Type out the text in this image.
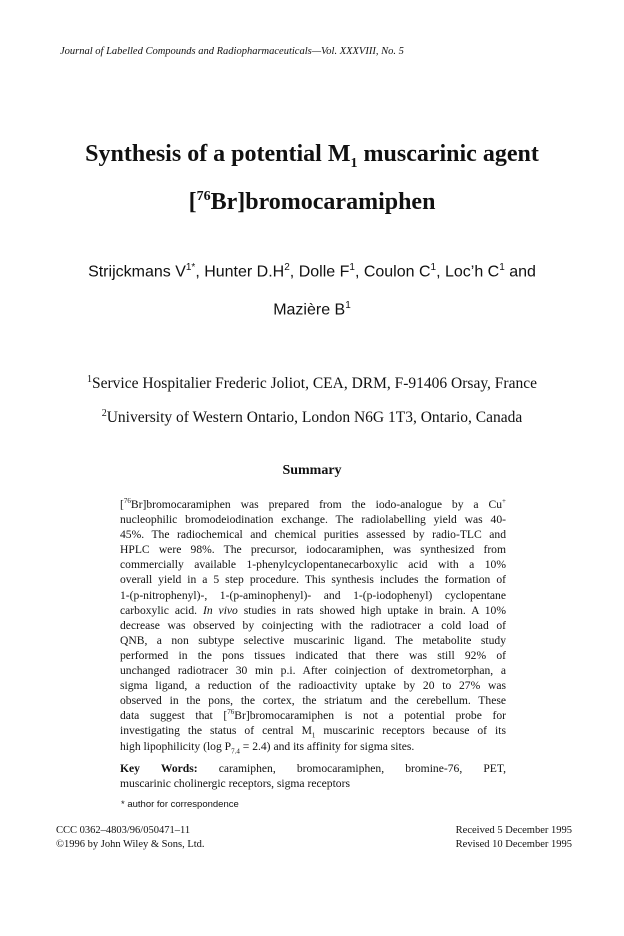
Journal of Labelled Compounds and Radiopharmaceuticals—Vol. XXXVIII, No. 5
Synthesis of a potential $M_1$ muscarinic agent
[$^{76}$Br]bromocaramiphen
Strijckmans $V^{1*}$, Hunter $D.H^2$, Dolle $F^1$, Coulon $C^1$, Loc’h $C^1$ and
Mazière $B^1$
$^1$Service Hospitalier Frederic Joliot, CEA, DRM, F-91406 Orsay, France
$^2$University of Western Ontario, London N6G 1T3, Ontario, Canada
Summary
[$^{76}$Br]bromocaramiphen was prepared from the iodo-analogue by a Cu+
nucleophilic bromodeiodination exchange. The radiolabelling yield was 40-
45%. The radiochemical and chemical purities assessed by radio-TLC and
HPLC were 98%. The precursor, iodocaramiphen, was synthesized from
commercially available 1-phenylcyclopentanecarboxylic acid with a 10%
overall yield in a 5 step procedure. This synthesis includes the formation of
1-(p-nitrophenyl)-, 1-(p-aminophenyl)- and 1-(p-iodophenyl) cyclopentane
carboxylic acid. In vivo studies in rats showed high uptake in brain. A 10%
decrease was observed by coinjecting with the radiotracer a cold load of
QNB, a non subtype selective muscarinic ligand. The metabolite study
performed in the pons tissues indicated that there was still 92% of
unchanged radiotracer 30 min p.i. After coinjection of dextrometorphan, a
sigma ligand, a reduction of the radioactivity uptake by 20 to 27% was
observed in the pons, the cortex, the striatum and the cerebellum. These
data suggest that [$^{76}$Br]bromocaramiphen is not a potential probe for
investigating the status of central $M_1$ muscarinic receptors because of its
high lipophilicity (log $P_{7.4} = 2.4$) and its affinity for sigma sites.
Key Words: caramiphen, bromocaramiphen, bromine-76, PET,
muscarinic cholinergic receptors, sigma receptors
* author for correspondence
CCC 0362–4803/96/050471–11
©1996 by John Wiley & Sons, Ltd.
Received 5 December 1995
Revised 10 December 1995
